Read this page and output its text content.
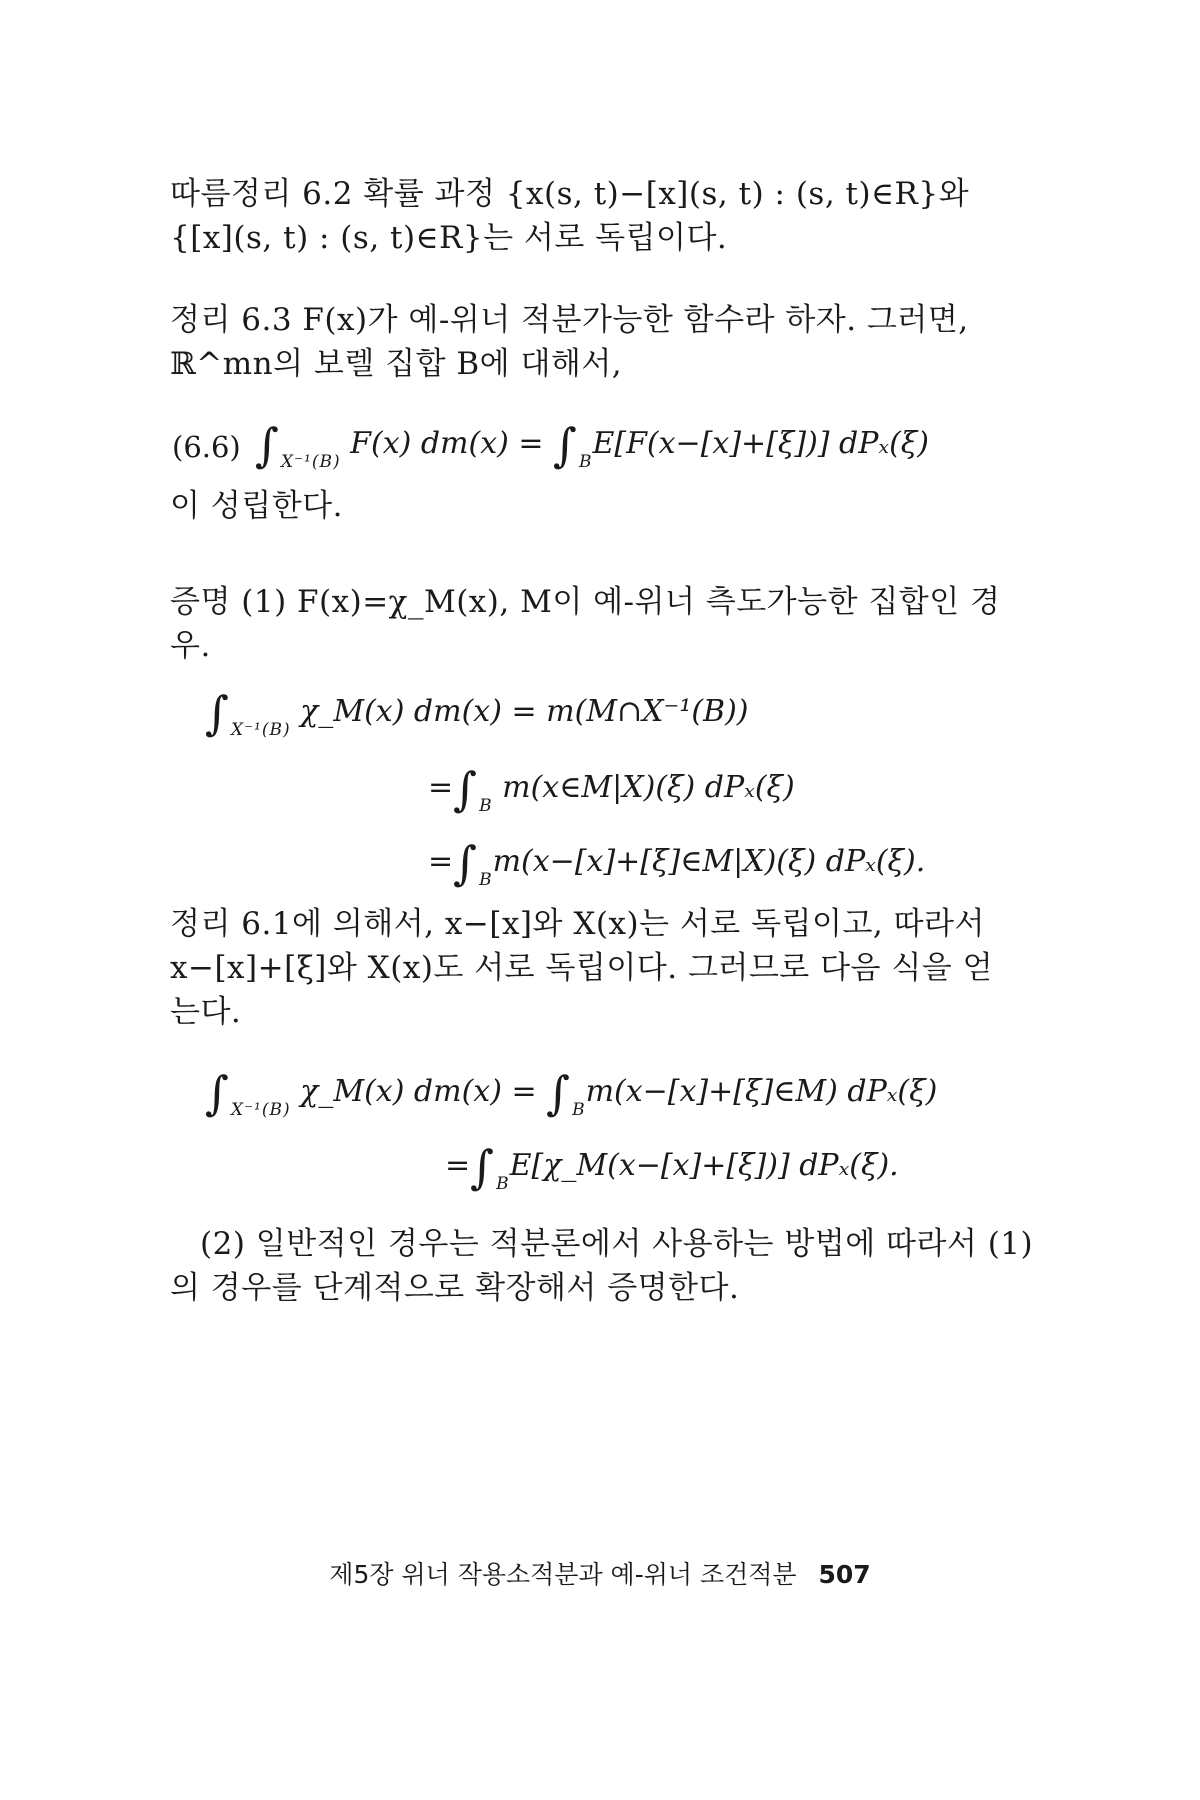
따름정리 6.2 확률 과정 {x(s, t)−[x](s, t) : (s, t)∈R}와
{[x](s, t) : (s, t)∈R}는 서로 독립이다.
정리 6.3 F(x)가 예-위너 적분가능한 함수라 하자. 그러면,
ℝ^mn의 보렐 집합 B에 대해서,
(6.6) ∫ $_{X^{-1}(B)}$ F(x) dm(x) = ∫ $_B$E[F(x−[x]+[ξ])] dPₓ(ξ)
이 성립한다.
증명 (1) F(x)=χ_M(x), M이 예-위너 측도가능한 집합인 경
우.
∫ $_{X^{-1}(B)}$ χ_M(x) dm(x) = m(M∩X⁻¹(B))
=∫ $_B$ m(x∈M|X)(ξ) dPₓ(ξ)
=∫ $_B$m(x−[x]+[ξ]∈M|X)(ξ) dPₓ(ξ).
정리 6.1에 의해서, x−[x]와 X(x)는 서로 독립이고, 따라서
x−[x]+[ξ]와 X(x)도 서로 독립이다. 그러므로 다음 식을 얻
는다.
∫ $_{X^{-1}(B)}$ χ_M(x) dm(x) = ∫ $_B$m(x−[x]+[ξ]∈M) dPₓ(ξ)
=∫ $_B$E[χ_M(x−[x]+[ξ])] dPₓ(ξ).
(2) 일반적인 경우는 적분론에서 사용하는 방법에 따라서 (1)
의 경우를 단계적으로 확장해서 증명한다.
제5장 위너 작용소적분과 예-위너 조건적분 507
